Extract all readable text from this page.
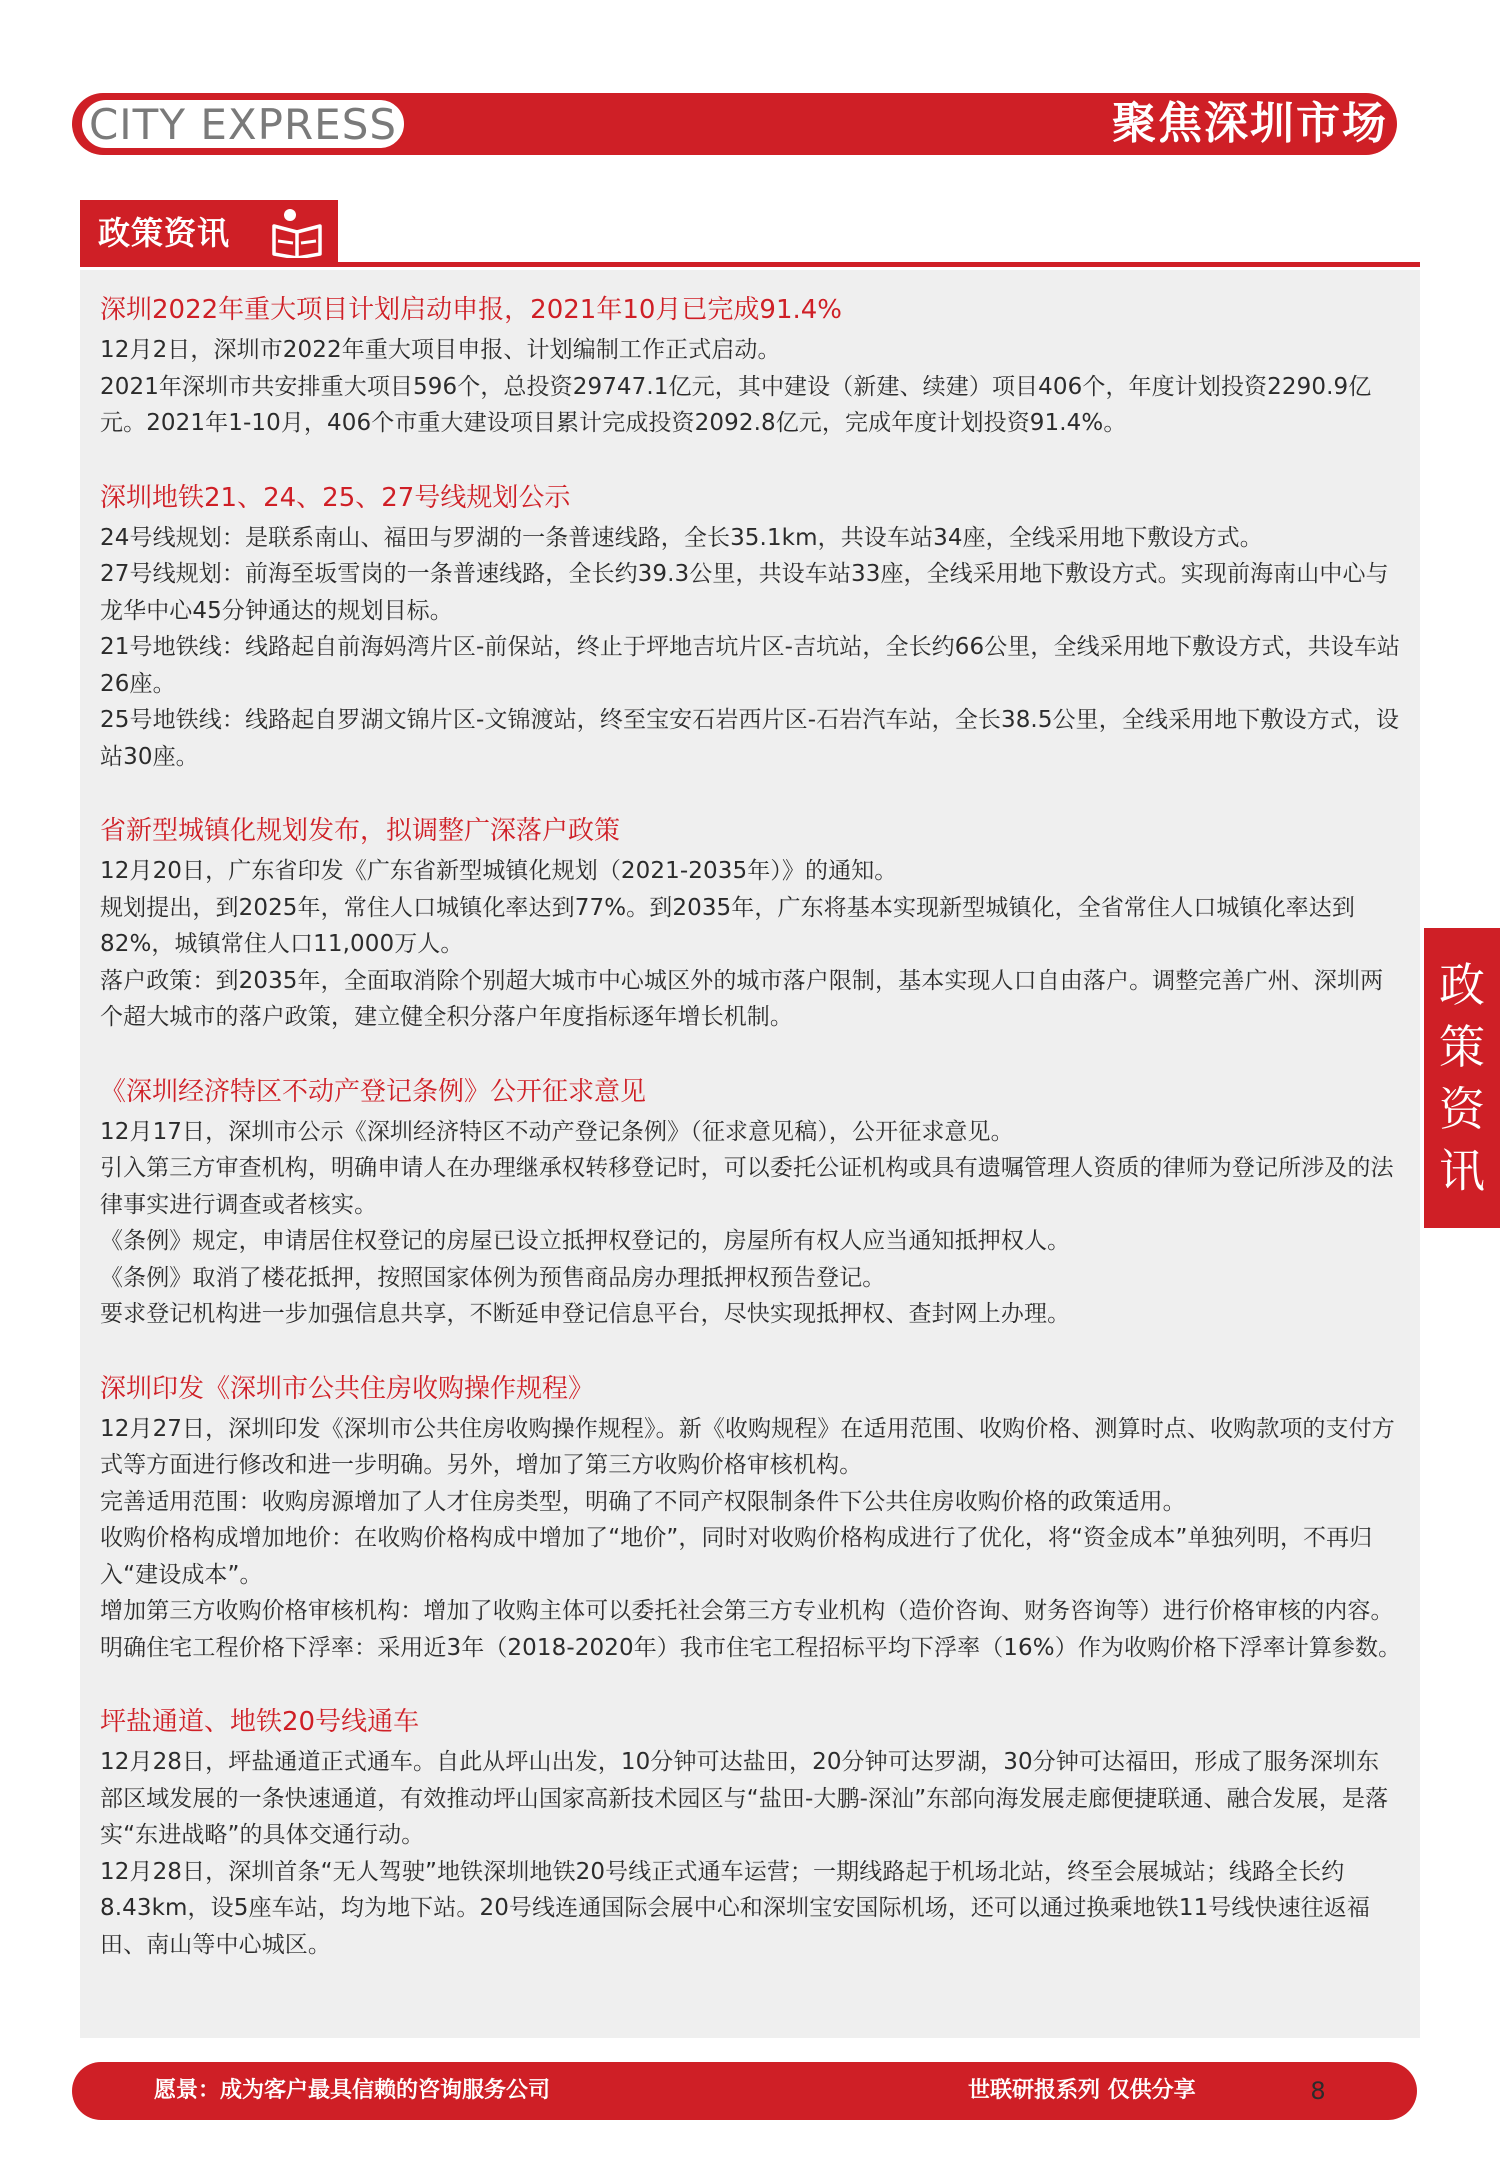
CITY EXPRESS	聚焦深圳市场
政策资讯
深圳2022年重大项目计划启动申报，2021年10月已完成91.4%

12月2日，深圳市2022年重大项目申报、计划编制工作正式启动。

2021年深圳市共安排重大项目596个，总投资29747.1亿元，其中建设（新建、续建）项目406个，年度计划投资2290.9亿元。2021年1-10月，406个市重大建设项目累计完成投资2092.8亿元，完成年度计划投资91.4%。

深圳地铁21、24、25、27号线规划公示

24号线规划：是联系南山、福田与罗湖的一条普速线路，全长35.1km，共设车站34座，全线采用地下敷设方式。

27号线规划：前海至坂雪岗的一条普速线路，全长约39.3公里，共设车站33座，全线采用地下敷设方式。实现前海南山中心与龙华中心45分钟通达的规划目标。

21号地铁线：线路起自前海妈湾片区-前保站，终止于坪地吉坑片区-吉坑站，全长约66公里，全线采用地下敷设方式，共设车站26座。

25号地铁线：线路起自罗湖文锦片区-文锦渡站，终至宝安石岩西片区-石岩汽车站，全长38.5公里，全线采用地下敷设方式，设站30座。

省新型城镇化规划发布，拟调整广深落户政策

12月20日，广东省印发《广东省新型城镇化规划（2021-2035年）》的通知。

规划提出，到2025年，常住人口城镇化率达到77%。到2035年，广东将基本实现新型城镇化，全省常住人口城镇化率达到82%，城镇常住人口11,000万人。

落户政策：到2035年，全面取消除个别超大城市中心城区外的城市落户限制，基本实现人口自由落户。调整完善广州、深圳两个超大城市的落户政策，建立健全积分落户年度指标逐年增长机制。

《深圳经济特区不动产登记条例》公开征求意见

12月17日，深圳市公示《深圳经济特区不动产登记条例》（征求意见稿），公开征求意见。

引入第三方审查机构，明确申请人在办理继承权转移登记时，可以委托公证机构或具有遗嘱管理人资质的律师为登记所涉及的法律事实进行调查或者核实。

《条例》规定，申请居住权登记的房屋已设立抵押权登记的，房屋所有权人应当通知抵押权人。

《条例》取消了楼花抵押，按照国家体例为预售商品房办理抵押权预告登记。

要求登记机构进一步加强信息共享，不断延申登记信息平台，尽快实现抵押权、查封网上办理。

深圳印发《深圳市公共住房收购操作规程》

12月27日，深圳印发《深圳市公共住房收购操作规程》。新《收购规程》在适用范围、收购价格、测算时点、收购款项的支付方式等方面进行修改和进一步明确。另外，增加了第三方收购价格审核机构。

完善适用范围：收购房源增加了人才住房类型，明确了不同产权限制条件下公共住房收购价格的政策适用。

收购价格构成增加地价：在收购价格构成中增加了“地价”，同时对收购价格构成进行了优化，将“资金成本”单独列明，不再归入“建设成本”。

增加第三方收购价格审核机构：增加了收购主体可以委托社会第三方专业机构（造价咨询、财务咨询等）进行价格审核的内容。

明确住宅工程价格下浮率：采用近3年（2018-2020年）我市住宅工程招标平均下浮率（16%）作为收购价格下浮率计算参数。

坪盐通道、地铁20号线通车

12月28日，坪盐通道正式通车。自此从坪山出发，10分钟可达盐田，20分钟可达罗湖，30分钟可达福田，形成了服务深圳东部区域发展的一条快速通道，有效推动坪山国家高新技术园区与“盐田-大鹏-深汕”东部向海发展走廊便捷联通、融合发展，是落实“东进战略”的具体交通行动。

12月28日，深圳首条“无人驾驶”地铁深圳地铁20号线正式通车运营；一期线路起于机场北站，终至会展城站；线路全长约8.43km，设5座车站，均为地下站。20号线连通国际会展中心和深圳宝安国际机场，还可以通过换乘地铁11号线快速往返福田、南山等中心城区。

政
策
资
讯
愿景：成为客户最具信赖的咨询服务公司	世联研报系列 仅供分享	8
